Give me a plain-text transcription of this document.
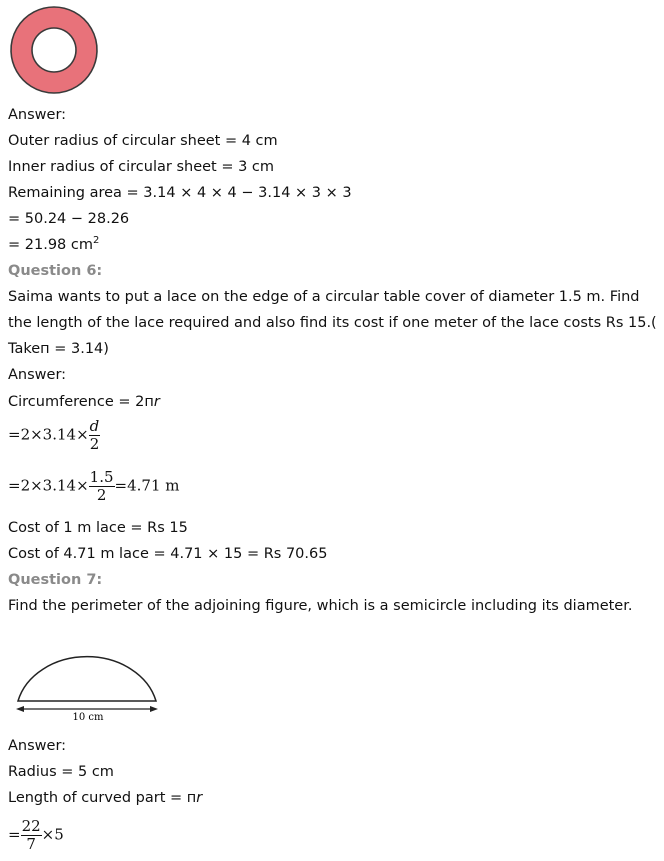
Answer:
Outer radius of circular sheet = 4 cm
Inner radius of circular sheet = 3 cm
Remaining area = 3.14 × 4 × 4 − 3.14 × 3 × 3
= 50.24 − 28.26
= 21.98 $cm^2$
Question 6:
Saima wants to put a lace on the edge of a circular table cover of diameter 1.5 m. Find
the length of the lace required and also find its cost if one meter of the lace costs Rs 15.(
Takeп = 3.14)
Answer:
Circumference = 2пr
$=2\times 3.14\times \frac{d}{2}$
$=2\times 3.14\times \frac{1.5}{2} =4.71$ m
Cost of 1 m lace = Rs 15
Cost of 4.71 m lace = 4.71 × 15 = Rs 70.65
Question 7:
Find the perimeter of the adjoining figure, which is a semicircle including its diameter.
10 cm
Answer:
Radius = 5 cm
Length of curved part = пr
= $\frac{22}{7} \times 5$
